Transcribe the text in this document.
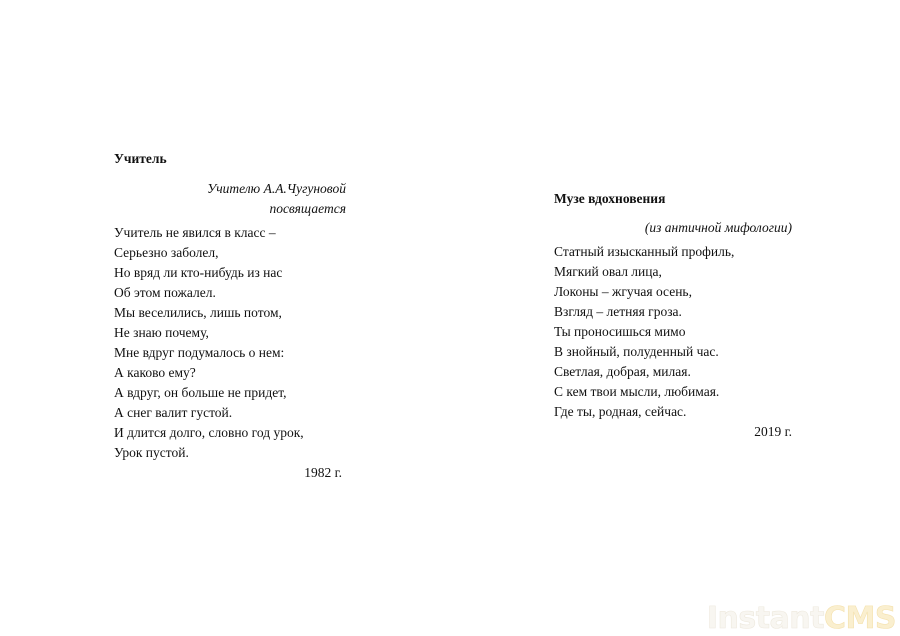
Учитель

Учителю А.А.Чугуновой
посвящается
Учитель не явился в класс –
Серьезно заболел,
Но вряд ли кто-нибудь из нас
Об этом пожалел.
Мы веселились, лишь потом,
Не знаю почему,
Мне вдруг подумалось о нем:
А каково ему?
А вдруг, он больше не придет,
А снег валит густой.
И длится долго, словно год урок,
Урок пустой.
1982 г.

Музе вдохновения

(из античной мифологии)
Статный изысканный профиль,
Мягкий овал лица,
Локоны – жгучая осень,
Взгляд – летняя гроза.
Ты проносишься мимо
В знойный, полуденный час.
Светлая, добрая, милая.
С кем твои мысли, любимая.
Где ты, родная, сейчас.
2019 г.
InstantCMS
